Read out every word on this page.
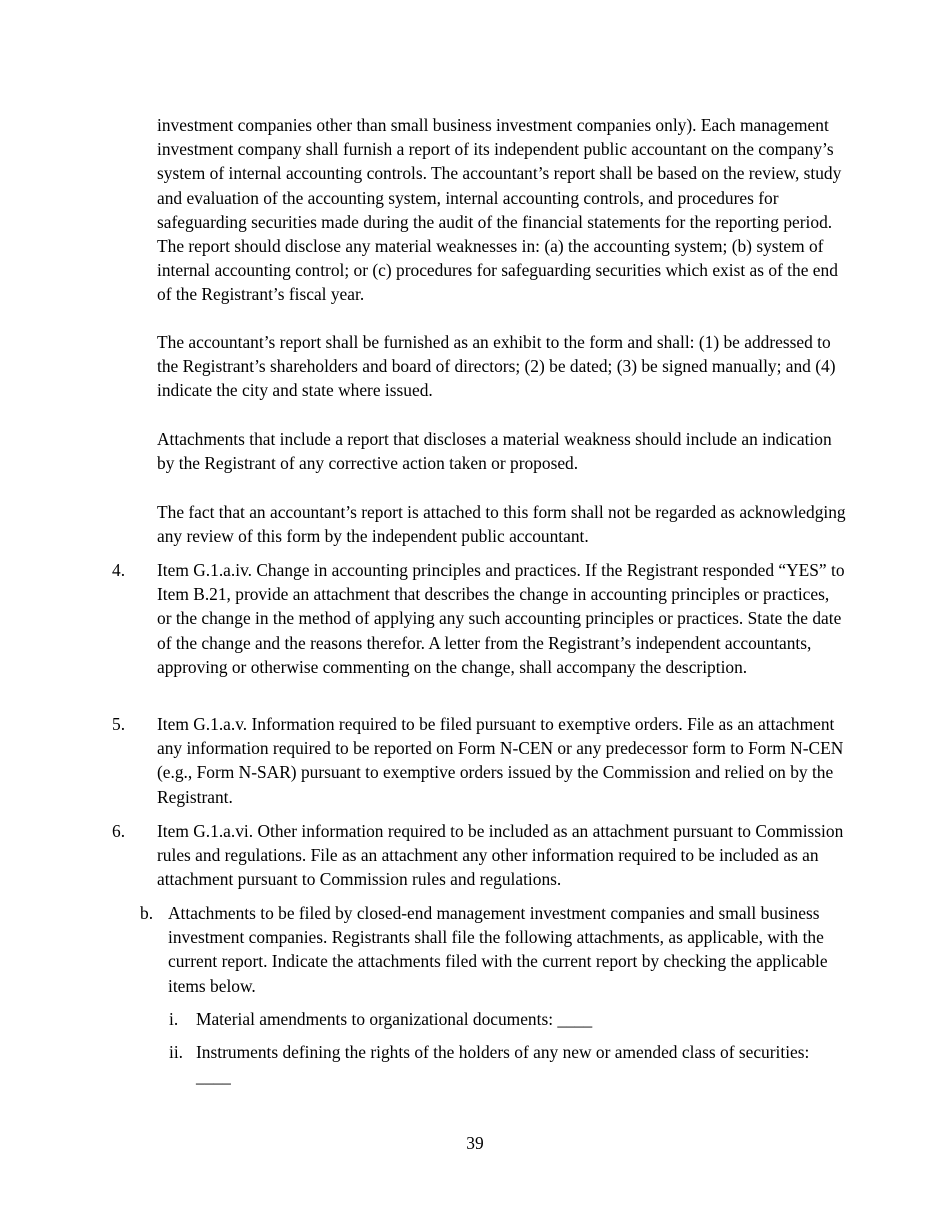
investment companies other than small business investment companies only). Each management investment company shall furnish a report of its independent public accountant on the company’s system of internal accounting controls. The accountant’s report shall be based on the review, study and evaluation of the accounting system, internal accounting controls, and procedures for safeguarding securities made during the audit of the financial statements for the reporting period. The report should disclose any material weaknesses in: (a) the accounting system; (b) system of internal accounting control; or (c) procedures for safeguarding securities which exist as of the end of the Registrant’s fiscal year.

The accountant’s report shall be furnished as an exhibit to the form and shall: (1) be addressed to the Registrant’s shareholders and board of directors; (2) be dated; (3) be signed manually; and (4) indicate the city and state where issued.

Attachments that include a report that discloses a material weakness should include an indication by the Registrant of any corrective action taken or proposed.

The fact that an accountant’s report is attached to this form shall not be regarded as acknowledging any review of this form by the independent public accountant.

4. Item G.1.a.iv. Change in accounting principles and practices. If the Registrant responded “YES” to Item B.21, provide an attachment that describes the change in accounting principles or practices, or the change in the method of applying any such accounting principles or practices. State the date of the change and the reasons therefor. A letter from the Registrant’s independent accountants, approving or otherwise commenting on the change, shall accompany the description.

5. Item G.1.a.v. Information required to be filed pursuant to exemptive orders. File as an attachment any information required to be reported on Form N-CEN or any predecessor form to Form N-CEN (e.g., Form N-SAR) pursuant to exemptive orders issued by the Commission and relied on by the Registrant.

6. Item G.1.a.vi. Other information required to be included as an attachment pursuant to Commission rules and regulations. File as an attachment any other information required to be included as an attachment pursuant to Commission rules and regulations.

b. Attachments to be filed by closed-end management investment companies and small business investment companies. Registrants shall file the following attachments, as applicable, with the current report. Indicate the attachments filed with the current report by checking the applicable items below.

i. Material amendments to organizational documents: ____

ii. Instruments defining the rights of the holders of any new or amended class of securities: ____

39
